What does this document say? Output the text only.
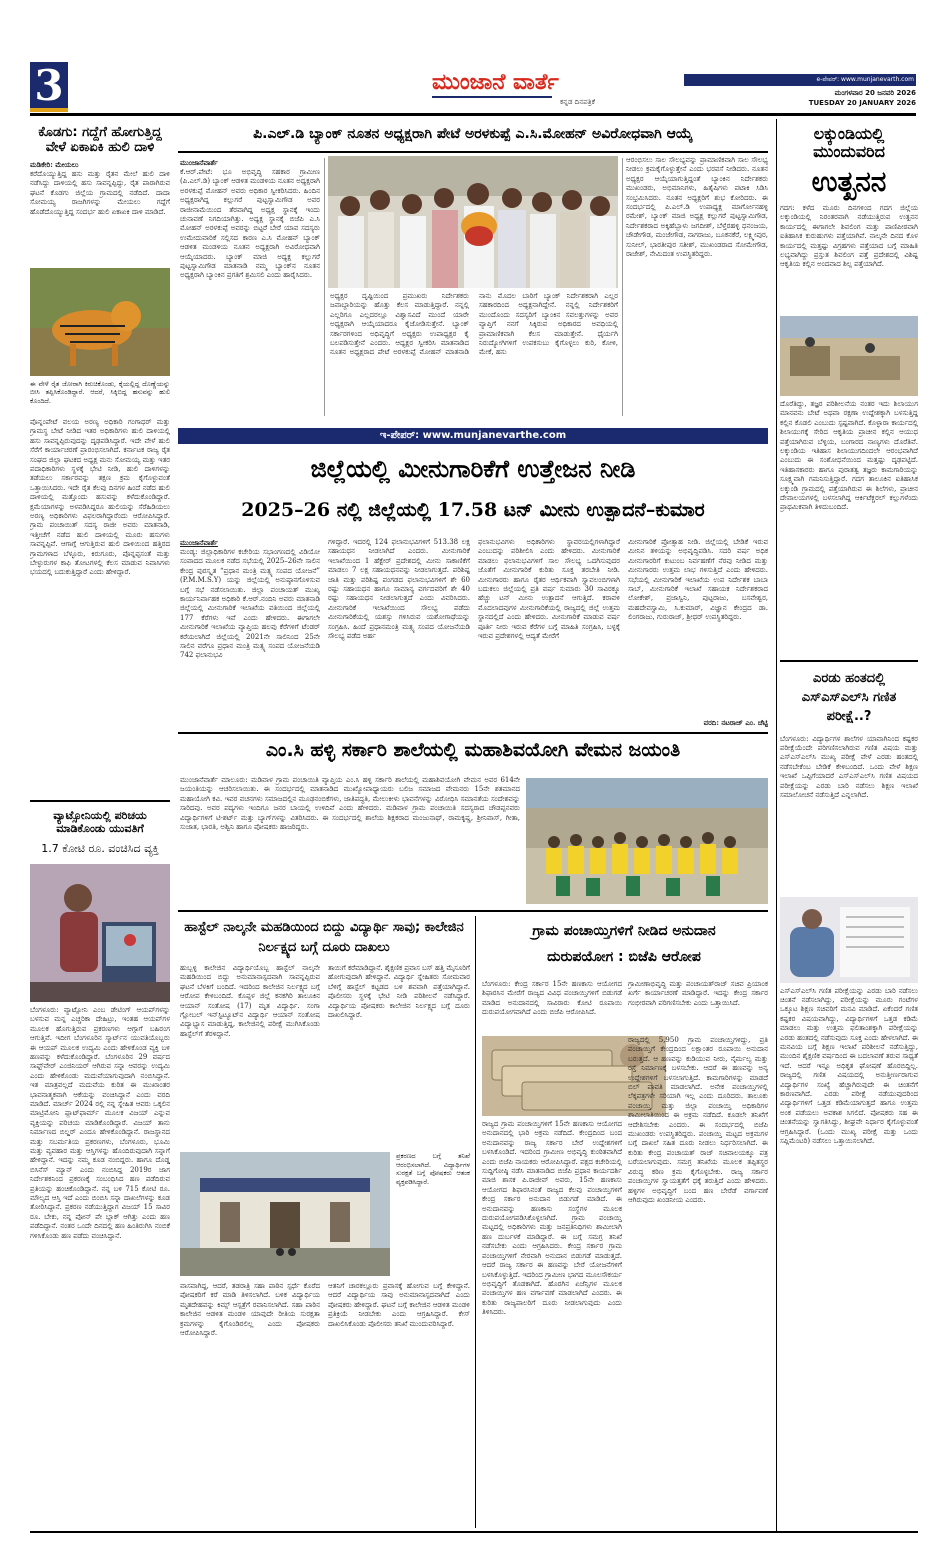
3	ಮುಂಜಾನೆ ವಾರ್ತೆ
ಕನ್ನಡ ದಿನಪತ್ರಿಕೆ
e-ಪೇಪರ್: www.munjanevarth.com
ಮಂಗಳವಾರ 20 ಜನವರಿ 2026
TUESDAY 20 JANUARY 2026
ಕೊಡಗು: ಗದ್ದೆಗೆ ಹೋಗುತ್ತಿದ್ದ ವೇಳೆ ಏಕಾಏಕಿ ಹುಲಿ ದಾಳಿ
ಮಡಿಕೇರಿ: ಮೇಯಲು
ಕರೆದೊಯ್ಯುತ್ತಿದ್ದ ಹಸು ಮತ್ತು ರೈತನ ಮೇಲೆ ಹುಲಿ ದಾಳಿ ನಡೆಸಿದ್ದು ದಾಳಿಯಲ್ಲಿ ಹಸು ಸಾವನ್ನಪ್ಪಿದ್ದು, ರೈತ ಪಾರಾಗಿರುವ ಘಟನೆ ಕೊಡಗು ಜಿಲ್ಲೆಯ ಗ್ರಾಮದಲ್ಲಿ ನಡೆದಿದೆ. ದಾದಾ ಸೋಮಯ್ಯ ರಾಜಗಿಗಳನ್ನು ಮೇಯಲು ಗದ್ದೆಗೆ ಹೊಡೆದೊಯ್ಯುತ್ತಿದ್ದ ಸಂದರ್ಭ ಹುಲಿ ಏಕಾಏಕಿ ದಾಳಿ ಮಾಡಿದೆ.
ಈ ವೇಳೆ ರೈತ ಜೋರಾಗಿ ಕಿರುಚಿಕೊಂಡು, ಕೈಯಲ್ಲಿದ್ದ ದೊಣ್ಣೆಯನ್ನು ಬೀಸಿ ತಪ್ಪಿಸಿಕೊಂಡಿದ್ದಾರೆ. ಆದರೆ, ಸಿಕ್ಕಿಬಿದ್ದ ಹಸುವನ್ನು ಹುಲಿ ಕೊಂದಿದೆ.
ಪೊನ್ನಂಪೇಟೆ ವಲಯ ಅರಣ್ಯ ಅಧಿಕಾರಿ ಗಂಗಾಧರ್ ಮತ್ತು ಗ್ರಾಮಸ್ಥ ಬೇಟೆ ನೀಡಿದ ಇತರ ಅಧಿಕಾರಿಗಳು ಹುಲಿ ದಾಳಿಯಲ್ಲಿ ಹಸು ಸಾವನ್ನಪ್ಪಿರುವುದನ್ನು ದೃಢಪಡಿಸಿದ್ದಾರೆ. ಇದೇ ವೇಳೆ ಹುಲಿ ಸೆರೆಗೆ ಕಾರ್ಯಾಚರಣೆ ಪ್ರಾರಂಭಿಸಲಾಗಿದೆ. ಕರ್ನಾಟಕ ರಾಜ್ಯ ರೈತ ಸಂಘದ ಜಿಲ್ಲಾ ಘಟಕದ ಅಧ್ಯಕ್ಷ ಮನು ಸೋಮಯ್ಯ ಮತ್ತು ಇತರ ಪದಾಧಿಕಾರಿಗಳು ಸ್ಥಳಕ್ಕೆ ಭೇಟಿ ನೀಡಿ, ಹುಲಿ ದಾಳಿಗಳನ್ನು ತಡೆಯಲು ಸರ್ಕಾರವನ್ನು ತಕ್ಷಣ ಕ್ರಮ ಕೈಗೊಳ್ಳುವಂತೆ ಒತ್ತಾಯಿಸಿದರು. ಇದೇ ರೈತ ಕೆಲವು ದಿನಗಳ ಹಿಂದೆ ನಡೆದ ಹುಲಿ ದಾಳಿಯಲ್ಲಿ ಮತ್ತೊಂದು ಹಸುವನ್ನು ಕಳೆದುಕೊಂಡಿದ್ದಾರೆ. ಕ್ಷಮೆಯಾಗಳನ್ನು ಅಳವಡಿಸಿದ್ದರೂ ಹುಲಿಯನ್ನು ಸೆರೆಹಿಡಿಯಲು ಅರಣ್ಯ ಅಧಿಕಾರಿಗಳು ವಿಫಲರಾಗಿದ್ದಾರೆಂದು ಆರೋಪಿಸಿದ್ದಾರೆ. ಗ್ರಾಮ ಪಂಚಾಯಿತ್ ಸದಸ್ಯ ರಾಜೀ ಅವರು ಮಾತನಾಡಿ, ಇತ್ತೀಚೆಗೆ ನಡೆದ ಹುಲಿ ದಾಳಿಯಲ್ಲಿ ಮೂರು ಹಸುಗಳು ಸಾವನ್ನಪ್ಪಿವೆ. ಆಗಾಗ್ಗೆ ಆಗುತ್ತಿರುವ ಹುಲಿ ದಾಳಿಯಿಂದ ಹತ್ತಿರದ ಗ್ರಾಮಗಳಾದ ಬೆಳ್ಳೂರು, ಕಿರುಗೂರು, ಪೊನ್ನಪ್ಪಸಂತೆ ಮತ್ತು ಬೇಳ್ಳುರುಗಳ ಕಾಫಿ ತೋಟಗಳಲ್ಲಿ ಕೆಲಸ ಮಾಡುವ ನಿವಾಸಿಗಳು ಭಯದಲ್ಲಿ ಬದುಕುತ್ತಿದ್ದಾರೆ ಎಂದು ಹೇಳಿದ್ದಾರೆ.
ವ್ಯಾಟ್ಸೋನಿಯಲ್ಲಿ ಪರಿಚಯ ಮಾಡಿಕೊಂಡು ಯುವತಿಗೆ
1.7 ಕೋಟಿ ರೂ. ವಂಚಿಸಿದ ವ್ಯಕ್ತಿ
ಬೆಂಗಳೂರು: ವ್ಯಾಟ್ಸೋನಿ ಎಂಬ ಡೇಟಿಂಗ್ ಆಯಪ್‌ಗಳನ್ನು ಬಳಸುವ ಮನ್ನ ಎಚ್ಚರಿಕಾ ದೇಹಿಟ್ರು, ಇಂತಹ ಆಯಪ್‌ಗಳ ಮೂಲಕ ಹೊಗುತ್ತಿರುವ ಪ್ರಕರಣಗಳು ಆಗ್ಗಾಗೆ ಬಹಿರಂಗ ಆಗುತ್ತಿವೆ. ಇದೀಗ ಬೆಂಗಳೂರಿನ ಸ್ಮಾರ್ಟ್‌ನ ಯುವತಿಯೊಬ್ಬರು ಈ ಆಯಪ್ ಮೂಲಕ ಉದ್ಯಮಿ ಎಂದು ಹೇಳಿಕೊಂಡ ವ್ಯಕ್ತಿ ಬಳಿ ಹಣವನ್ನು ಕಳೆದುಕೊಂಡಿದ್ದಾರೆ. ಬೆಂಗಳೂರಿನ 29 ವರ್ಷದ ಸಾಫ್ಟ್‌ವೇರ್ ಎಂಜಿನಿಯರ್ ಆಗಿರುವ ಸನ್ನಾ ಆವರನ್ನು ಉದ್ಯಮಿ ಎಂದು ಹೇಳಿಕೊಂಡು ಮದುವೆಯಾಗುವುದಾಗಿ ನಂಬಿಸಿದ್ದಾನೆ. ಇತ ಮಾತ್ರವಲ್ಲದೆ ಮದುವೆಯ ಕುರಿತ ಈ ಮುಖಾಂತರ ಭಾವನಾತ್ಮಕವಾಗಿ ಆಕೆಯನ್ನು ವಂಚಿಸಿದ್ದಾನೆ ಎಂದು ವರದಿ ಮಾಡಿದೆ. ಮಾರ್ಚ್ 2024 ರಲ್ಲಿ ನನ್ನ ಸ್ನೇಹಿತ ಆವರು ಒಕ್ಕಲಿನ ಮಾಟ್ರಿಮೋನಿ ಪ್ಲಾಟ್‌ಫಾರ್ಮ್ ಮೂಲಕ ವಿಜಯ್ ಎನ್ನುವ ವ್ಯಕ್ತಿಯನ್ನು ಪರಿಚಯ ಮಾಡಿಕೊಂಡಿದ್ದಾರೆ. ವಿಜಯ್ ತಾನು ನಿರ್ಮಾಣದ ಬಿಲ್ಡರ್ ಎಂದೂ ಹೇಳಿಕೊಂಡಿದ್ದಾನೆ. ರಾಜಸ್ಥಾನದ ಮತ್ತು ಸಬರ್ಮತಿಯ ಪ್ರಕರಣಗಳು, ಬೆಂಗಳೂರು, ಭೂಮಿ ಮತ್ತು ವ್ಯವಹಾರ ಮತ್ತು ಆಸ್ತಿಗಳನ್ನು ಹೊಂದಿರುವುದಾಗಿ ಸನ್ನಾಗೆ ಹೇಳಿದ್ದಾನೆ. ಇದನ್ನು ನಮ್ಮ ಕೂಡ ನಂಬಿದ್ದರು. ಹಾಗೂ ದೊಡ್ಡ ಬಿಸಿನೆಸ್ ಮ್ಯಾನ್ ಎಂದು ನಂಬಿಸಿದ್ದ 2019ರ ಜಾಗ ನಿರ್ದೇಶಕನಿಂದ ಪ್ರಕರಣಕ್ಕೆ ಸಂಬಂಧಿಸಿದ ಹಣ ಪಡೆದಿರುವ ಪ್ರತಿಯನ್ನು ಹಂಚಿಕೊಂಡಿದ್ದಾನೆ. ನನ್ನ ಬಳಿ 715 ಕೋಟಿ ರೂ. ಮೌಲ್ಯದ ಆಸ್ತಿ ಇದೆ ಎಂದು ಬಿಂಬಿಸಿ ಸನ್ನಾ ದಾಖಲೆಗಳನ್ನು ಕೂಡ ತೋರಿಸಿದ್ದಾನೆ. ಪ್ರಕರಣ ನಡೆಯುತ್ತಿದ್ದಾಗ ವಿಜಯ್ 15 ಸಾವಿರ ರೂ. ಬೇಕು, ನನ್ನ ಪೋನ್ ಪೇ ಬ್ಲಾಕ್ ಆಗಿತ್ತು ಎಂದು ಹಣ ಪಡೆದಿದ್ದಾನೆ. ನಂತರ ಒಂದೇ ದಿನದಲ್ಲಿ ಹಣ ಹಿಂತಿರುಗಿಸಿ ನಂಬಿಕೆ ಗಳಿಸಿಕೊಂಡು ಹಣ ಪಡೆದು ವಂಚಿಸಿದ್ದಾನೆ.
ಪಿ.ಎಲ್.ಡಿ ಬ್ಯಾಂಕ್ ನೂತನ ಅಧ್ಯಕ್ಷರಾಗಿ ಪೇಟೆ ಅರಳಕುಪ್ಪೆ ಎ.ಸಿ.ಮೋಹನ್ ಅವಿರೋಧವಾಗಿ ಆಯ್ಕೆ
ಮುಂಜಾನೆವಾರ್ತೆ
ಕೆ.ಆರ್.ಪೇಟೆ: ಭೂ ಅಭಿವೃದ್ಧಿ ಸಹಕಾರ ಗ್ರಾಮೀಣ (ಪಿ.ಎಲ್.ಡಿ) ಬ್ಯಾಂಕ್ ಆಡಳಿತ ಮಂಡಳಿಯ ನೂತನ ಅಧ್ಯಕ್ಷರಾಗಿ ಅರಳಕುಪ್ಪೆ ಮೋಹನ್ ಅವರು ಅಧಿಕಾರ ಸ್ವೀಕರಿಸಿದರು. ಹಿಂದಿನ ಅಧ್ಯಕ್ಷರಾಗಿದ್ದ ಕಲ್ಲುಗರೆ ಪುಟ್ಟಸ್ವಾಮಿಗೌಡ ಅವರ ರಾಜೀನಾಮೆಯಿಂದ ತೆರವಾಗಿದ್ದ ಅಧ್ಯಕ್ಷ ಸ್ಥಾನಕ್ಕೆ ಇಂದು ಚುನಾವಣೆ ನಿಗದಿಯಾಗಿತ್ತು. ಅಧ್ಯಕ್ಷ ಸ್ಥಾನಕ್ಕೆ ಬಿಜೆಪಿ ಎ.ಸಿ ಮೋಹನ್ ಅರಳಕುಪ್ಪೆ ಅವರನ್ನು ಬಿಟ್ಟರೆ ಬೇರೆ ಯಾವ ಸದಸ್ಯರು ಉಮೇದುವಾರಿಕೆ ಸಲ್ಲಿಸದ ಕಾರಣ ಎ.ಸಿ ಮೋಹನ್ ಬ್ಯಾಂಕ್ ಆಡಳಿತ ಮಂಡಳಿಯ ನೂತನ ಅಧ್ಯಕ್ಷರಾಗಿ ಅವಿರೋಧವಾಗಿ ಆಯ್ಕೆಯಾದರು. ಬ್ಯಾಂಕ್ ಮಾಜಿ ಅಧ್ಯಕ್ಷ ಕಲ್ಲುಗರೆ ಪುಟ್ಟಸ್ವಾಮಿಗೌಡ ಮಾತನಾಡಿ ನಮ್ಮ ಬ್ಯಾಂಕ್‌ನ ನೂತನ ಅಧ್ಯಕ್ಷರಾಗಿ ಬ್ಯಾಂಕಿನ ಪ್ರಗತಿಗೆ ಶ್ರಮಿಸಲಿ ಎಂದು ಹಾರೈಸಿದರು.
ಅಧ್ಯಕ್ಷರ ದೃಷ್ಟಿಯಿಂದ ಪ್ರಮುಖರು ನಿರ್ದೇಶಕರು ಜವಾಬ್ದಾರಿಯನ್ನು ಹೊತ್ತು ಕೆಲಸ ಮಾಡುತ್ತಿದ್ದಾರೆ. ನನ್ನಲ್ಲಿ ಎಲ್ಲರಿಗೂ ಎಲ್ಲದರಲ್ಲೂ ವಿಶ್ವಾಸವಿದೆ ಮುಂದೆ ಯಾರೇ ಅಧ್ಯಕ್ಷರಾಗಿ ಆಯ್ಕೆಯಾದರೂ ಕೈಜೋಡಿಸುತ್ತೇನೆ. ಬ್ಯಾಂಕ್ ಸರ್ಕಾರಗಳಿಂದ ಅಧಿವೃದ್ಧಿಗೆ ಅಧ್ಯಕ್ಷರು ಉಪಾಧ್ಯಕ್ಷರ ಕೈ ಬಲಪಡಿಸುತ್ತೇನೆ ಎಂದರು. ಆಧ್ಯಕ್ಷರ ಸ್ವೀಕರಿಸಿ ಮಾತನಾಡಿದ ನೂತನ ಅಧ್ಯಕ್ಷರಾದ ಪೇಟೆ ಅರಳಕುಪ್ಪೆ ಮೋಹನ್ ಮಾತನಾಡಿ ನಾನು ಮೊದಲ ಬಾರಿಗೆ ಬ್ಯಾಂಕ್ ನಿರ್ದೇಶಕರಾಗಿ ಎಲ್ಲರ ಸಹಕಾರದಿಂದ ಅಧ್ಯಕ್ಷನಾಗಿದ್ದೇನೆ. ನನ್ನಲ್ಲಿ ನಿರ್ದೇಶಕರಿಗೆ ಮುಂದೊಂದು ಸದಸ್ಯರಿಗೆ ಬ್ಯಾಂಕಿನ ಸವಲತ್ತುಗಳನ್ನು ಅವರ ವ್ಯಾಪ್ತಿಗೆ ನನಗೆ ಸಿಕ್ಕಿರುವ ಅಧಿಕಾರದ ಅವಧಿಯಲ್ಲಿ ಪ್ರಾಮಾಣಿಕವಾಗಿ ಕೆಲಸ ಮಾಡುತ್ತೇನೆ. ಧೈರ್ಯಗಿ ನಿರುದ್ಯೋಗಿಗಳಿಗೆ ಉಪಕಸುಬು ಕೈಗೊಳ್ಳಲು ಕುರಿ, ಕೋಳಿ, ಮೇಕೆ, ಹಸು
ಆರಂಭಿಸಲು ಸಾಲ ಸೌಲಭ್ಯವನ್ನು ಪ್ರಾಮಾಣಿಕವಾಗಿ ಸಾಲ ಸೌಲಭ್ಯ ನೀಡಲು ಕ್ರಮಕೈಗೊಳ್ಳುತ್ತೇನೆ ಎಂದು ಭರವಸೆ ನೀಡಿದರು. ನೂತನ ಅಧ್ಯಕ್ಷರ ಆಯ್ಕೆಯಾಗುತ್ತಿದ್ದಂತೆ ಬ್ಯಾಂಕಿನ ನಿರ್ದೇಶಕರು ಮುಖಂಡರು, ಅಭಿಮಾನಿಗಳು, ಹಿತೈಷಿಗಳು ಪಟಾಕಿ ಸಿಡಿಸಿ ಸಂಭ್ರಮಿಸಿದರು. ನೂತನ ಅಧ್ಯಕ್ಷರಿಗೆ ಶುಭ ಕೋರಿದರು. ಈ ಸಂದರ್ಭದಲ್ಲಿ ಪಿ.ಎಲ್.ಡಿ ಉಪಾಧ್ಯಕ್ಷ ಮಾರ್ಗೋನಹಳ್ಳಿ ರಮೇಶ್, ಬ್ಯಾಂಕ್ ಮಾಜಿ ಅಧ್ಯಕ್ಷ ಕಲ್ಲುಗರೆ ಪುಟ್ಟಸ್ವಾಮಿಗೌಡ, ನಿರ್ದೇಶಕರಾದ ಅಕ್ಕಿಹೆಬ್ಬಾಳು ಜಗದೀಶ್, ಬೆಳ್ತೆರಹಳ್ಳಿ ಧನಂಜಯ, ಚೌಡೇಗೌಡ, ಮಂಜೇಗೌಡ, ನಾಗರಾಜು, ಬೂಕನಕೆರೆ, ಲಕ್ಷ್ಮೀಪುರ, ಸುನೀಲ್, ಭಾರತೀಪುರ ಸತೀಶ್, ಮುಖಂಡರಾದ ಸೋಮೇಗೌಡ, ರಾಜೇಶ್, ನೇಮಿದಂತ ಉಪಸ್ಥಿತರಿದ್ದರು.
ಲಕ್ಕುಂಡಿಯಲ್ಲಿ ಮುಂದುವರಿದ
ಉತ್ಖನನ
ಗದಗ: ಕಳೆದ ಮೂರು ದಿನಗಳಿಂದ ಗದಗ ಜಿಲ್ಲೆಯ ಲಕ್ಕುಂಡಿಯಲ್ಲಿ ನಿರಂತರವಾಗಿ ನಡೆಯುತ್ತಿರುವ ಉತ್ಖನನ ಕಾರ್ಯದಲ್ಲಿ ಈಗಾಗಲೇ ಶಿವಲಿಂಗ ಮತ್ತು ಪಾಣಿಪೀಠವಾಗಿ ಐತಿಹಾಸಿಕ ಕುರುಹುಗಳು ಪತ್ತೆಯಾಗಿವೆ. ನಾಲ್ಕನೇ ದಿನದ ಕೊಳ ಕಾರ್ಯದಲ್ಲಿ ಮತ್ತಷ್ಟು ವಿಗ್ರಹಗಳು ಪತ್ತೆಯಾದ ಬಗ್ಗೆ ಮಾಹಿತಿ ಲಭ್ಯವಾಗಿದ್ದು ಪ್ರಸ್ತುತ ಶಿವಲಿಂಗ ಪತ್ತೆ ಪ್ರದೇಶದಲ್ಲಿ ವಿಶಿಷ್ಟ ಆಕೃತಿಯ ಕಲ್ಲಿನ ಅಂದವಾದ ಶಿಲ್ಪ ಪತ್ತೆಯಾಗಿದೆ.
ದೊರೆತಿದ್ದು, ತಜ್ಞರ ಪರಿಶೀಲನೆಯ ನಂತರ ಇದು ಶಿಲಾಯುಗ ಮಾನವನು ಬೇಟೆ ಅಥವಾ ರಕ್ಷಣಾ ಉದ್ದೇಶಕ್ಕಾಗಿ ಬಳಸುತ್ತಿದ್ದ ಕಲ್ಲಿನ ಕೊಡಲಿ ಎಂಬುದು ಸ್ಪಷ್ಟವಾಗಿದೆ. ಕೊಳ್ಳಾರಾ ಕಾರ್ಯದಲ್ಲಿ ಶಿಲಾಯುಗಕ್ಕೆ ಸೇರಿದ ಆಕೃತಿಯ ಪ್ರಾಚೀನ ಕಲ್ಲಿನ ಆಯುಧ ಪತ್ತೆಯಾಗಿರುವ ಬೆಳ್ಳಿಯ, ಬಂಗಾರದ ನಾಣ್ಯಗಳು ದೊರೆತಿವೆ. ಲಕ್ಕುಂಡಿಯ ಇತಿಹಾಸ ಶಿಲಾಯುಗದಿಂದಲೇ ಆರಂಭವಾಗಿದೆ ಎಂಬುದು ಈ ಸಂಶೋಧನೆಯಿಂದ ಮತ್ತಷ್ಟು ದೃಢಪಟ್ಟಿದೆ. ಇತಿಹಾಸಕಾರರು ಹಾಗೂ ಪುರಾತತ್ವ ತಜ್ಞರು ಕಾಮಗಾರಿಯನ್ನು ಸೂಕ್ಷ್ಮವಾಗಿ ಗಮನಿಸುತ್ತಿದ್ದಾರೆ. ಗದಗ ತಾಲೂಕಿನ ಐತಿಹಾಸಿಕ ಲಕ್ಕುಂಡಿ ಗ್ರಾಮದಲ್ಲಿ ಪತ್ತೆಯಾಗಿರುವ ಈ ಶಿಲೆಗಳು, ಪ್ರಾಚೀನ ದೇವಾಲಯಗಳಲ್ಲಿ ಬಳಸಲಾಗಿದ್ದ ಆರ್ಕಿಟೆಕ್ಚರಲ್ ಕಲ್ಲುಗಳೆಂದು ಪ್ರಾಥಮಿಕವಾಗಿ ತಿಳಿದುಬಂದಿದೆ.
ಎರಡು ಹಂತದಲ್ಲಿ ಎಸ್ಎಸ್ಎಲ್‌ಸಿ ಗಣಿತ ಪರೀಕ್ಷೆ..?
ಬೆಂಗಳೂರು: ವಿದ್ಯಾರ್ಥಿಗಳ ಶಾಲೆಗಳ ಯಾವಾಗಿನಿಂದ ಕಷ್ಟಕರ ಪರೀಕ್ಷೆಯೆಂದೇ ಪರಿಗಣಿಸಲಾಗಿರುವ ಗಣಿತ ವಿಷಯ ಮತ್ತು ಎಸ್ಎಸ್ಎಲ್‌ಸಿ ಮುಖ್ಯ ಪರೀಕ್ಷೆ ವೇಳೆ ಎರಡು ಹಂತದಲ್ಲಿ ನಡೆಸಬೇಕೆಂಬ ಬೇಡಿಕೆ ಕೇಳಿಬಂದಿದೆ. ಒಂದು ವೇಳೆ ಶಿಕ್ಷಣ ಇಲಾಖೆ ಒಪ್ಪಿಗೆಯಾದರೆ ಎಸ್ಎಸ್ಎಲ್‌ಸಿ ಗಣಿತ ವಿಷಯದ ಪರೀಕ್ಷೆಯನ್ನು ಎರಡು ಬಾರಿ ನಡೆಸಲು ಶಿಕ್ಷಣ ಇಲಾಖೆ ಸಮಾಲೋಚನೆ ನಡೆಸುತ್ತಿದೆ ಎನ್ನಲಾಗಿದೆ.
ಎಸ್ಎಸ್ಎಲ್‌ಸಿ ಗಣಿತ ಪರೀಕ್ಷೆಯನ್ನು ಎರಡು ಬಾರಿ ನಡೆಸಲು ಚಿಂತನೆ ನಡೆಸಲಾಗಿದ್ದು, ಪರೀಕ್ಷೆಯನ್ನು ಮೂರು ಗಂಟೆಗಳ ಒಕ್ಕೂಟ ಶಿಕ್ಷಣ ಸಚಿವರಿಗೆ ಮನವಿ ಮಾಡಿದೆ. ಏಕೆಂದರೆ ಗಣಿತ ಕಷ್ಟಕರ ವಿಷಯವಾಗಿದ್ದು, ವಿದ್ಯಾರ್ಥಿಗಳಿಗೆ ಒತ್ತಡ ಕಡಿಮೆ ಮಾಡಲು ಮತ್ತು ಉತ್ತಮ ಫಲಿತಾಂಶಕ್ಕಾಗಿ ಪರೀಕ್ಷೆಯನ್ನು ಎರಡು ಹಂತದಲ್ಲಿ ನಡೆಸುವುದು ಸೂಕ್ತ ಎಂದು ಹೇಳಲಾಗಿದೆ. ಈ ಮನವಿಯ ಬಗ್ಗೆ ಶಿಕ್ಷಣ ಇಲಾಖೆ ಪರಿಶೀಲನೆ ನಡೆಸುತ್ತಿದ್ದು, ಮುಂದಿನ ಶೈಕ್ಷಣಿಕ ವರ್ಷದಿಂದ ಈ ಬದಲಾವಣೆ ತರುವ ಸಾಧ್ಯತೆ ಇದೆ. ಆದರೆ ಇನ್ನೂ ಅಧಿಕೃತ ಘೋಷಣೆ ಹೊರಬಿದ್ದಿಲ್ಲ. ರಾಜ್ಯದಲ್ಲಿ ಗಣಿತ ವಿಷಯದಲ್ಲಿ ಅನುತ್ತೀರ್ಣರಾಗುವ ವಿದ್ಯಾರ್ಥಿಗಳ ಸಂಖ್ಯೆ ಹೆಚ್ಚಾಗಿರುವುದೇ ಈ ಚಿಂತನೆಗೆ ಕಾರಣವಾಗಿದೆ. ಎರಡು ಪರೀಕ್ಷೆ ನಡೆಯುವುದರಿಂದ ವಿದ್ಯಾರ್ಥಿಗಳಿಗೆ ಒತ್ತಡ ಕಡಿಮೆಯಾಗುತ್ತದೆ ಹಾಗೂ ಉತ್ತಮ ಅಂಕ ಪಡೆಯಲು ಅವಕಾಶ ಸಿಗಲಿದೆ. ಪೋಷಕರು ಸಹ ಈ ಚಿಂತನೆಯನ್ನು ಸ್ವಾಗತಿಸಿದ್ದು, ಶೀಘ್ರವೇ ನಿರ್ಧಾರ ಕೈಗೊಳ್ಳುವಂತೆ ಆಗ್ರಹಿಸಿದ್ದಾರೆ. (ಒಂದು ಮುಖ್ಯ ಪರೀಕ್ಷೆ ಮತ್ತು ಒಂದು ಸಪ್ಲಿಮೆಂಟರಿ) ನಡೆಸಲು ಒತ್ತಾಯಿಸಲಾಗಿದೆ.
ಇ-ಪೇಪರ್: www.munjanevarthe.com
ಜಿಲ್ಲೆಯಲ್ಲಿ ಮೀನುಗಾರಿಕೆಗೆ ಉತ್ತೇಜನ ನೀಡಿ
2025–26 ನಲ್ಲಿ ಜಿಲ್ಲೆಯಲ್ಲಿ 17.58 ಟನ್ ಮೀನು ಉತ್ಪಾದನೆ–ಕುಮಾರ
ಮುಂಜಾನೆವಾರ್ತೆ
ಮಂಡ್ಯ: ಜಿಲ್ಲಾಧಿಕಾರಿಗಳ ಕಚೇರಿಯ ಸಭಾಂಗಣದಲ್ಲಿ ವಿಡಿಯೋ ಸಂವಾದದ ಮೂಲಕ ನಡೆದ ಸಭೆಯಲ್ಲಿ 2025–26ನೇ ಸಾಲಿನ ಕೇಂದ್ರ ಪುರಸ್ಕೃತ “ಪ್ರಧಾನ ಮಂತ್ರಿ ಮತ್ಸ್ಯ ಸಂಪದ ಯೋಜನೆ” (P.M.M.S.Y) ಯನ್ನು ಜಿಲ್ಲೆಯಲ್ಲಿ ಅನುಷ್ಠಾನಗೊಳಿಸುವ ಬಗ್ಗೆ ಸಭೆ ನಡೆಸಲಾಯಿತು. ಜಿಲ್ಲಾ ಪಂಚಾಯತ್ ಮುಖ್ಯ ಕಾರ್ಯನಿರ್ವಾಹಕ ಅಧಿಕಾರಿ ಕೆ.ಆರ್.ನಂದಿನಿ ಅವರು ಮಾತನಾಡಿ ಜಿಲ್ಲೆಯಲ್ಲಿ ಮೀನುಗಾರಿಕೆ ಇಲಾಖೆಯ ವತಿಯಿಂದ ಜಿಲ್ಲೆಯಲ್ಲಿ 177 ಕೆರೆಗಳು ಇವೆ ಎಂದು ಹೇಳಿದರು. ಈಗಾಗಲೇ ಮೀನುಗಾರಿಕೆ ಇಲಾಖೆಯ ವ್ಯಾಪ್ತಿಯ ಹಲವು ಕೆರೆಗಳಿಗೆ ಟೆಂಡರ್ ಕರೆಯಲಾಗಿದೆ ಜಿಲ್ಲೆಯಲ್ಲಿ 2021ನೇ ಸಾಲಿನಿಂದ 25ನೇ ಸಾಲಿನ ವರೆಗೂ ಪ್ರಧಾನ ಮಂತ್ರಿ ಮತ್ಸ್ಯ ಸಂಪದ ಯೋಜನೆಯಡಿ 742 ಫಲಾನುಭವಿ
ಗಳಿದ್ದಾರೆ. ಇದರಲ್ಲಿ 124 ಫಲಾನುಭವಿಗಳಿಗೆ 513.38 ಲಕ್ಷ ಸಹಾಯಧನ ನೀಡಲಾಗಿದೆ ಎಂದರು. ಮೀನುಗಾರಿಕೆ ಇಲಾಖೆಯಿಂದ 1 ಹೆಕ್ಟೇರ್ ಪ್ರದೇಶದಲ್ಲಿ ಮೀನು ಸಾಕಾಣಿಕೆಗೆ ಮಾಡಲು 7 ಲಕ್ಷ ಸಹಾಯಧನವನ್ನು ನೀಡಲಾಗುತ್ತದೆ. ಪರಿಶಿಷ್ಟ ಜಾತಿ ಮತ್ತು ಪರಿಶಿಷ್ಟ ಪಂಗಡದ ಫಲಾನುಭವಿಗಳಿಗೆ ಶೇ 60 ರಷ್ಟು ಸಹಾಯಧನ ಹಾಗೂ ಸಾಮಾನ್ಯ ವರ್ಗದವರಿಗೆ ಶೇ 40 ರಷ್ಟು ಸಹಾಯಧನ ನೀಡಲಾಗುತ್ತದೆ ಎಂದು ವಿವರಿಸಿದರು. ಮೀನುಗಾರಿಕೆ ಇಲಾಖೆಯಿಂದ ಸೌಲಭ್ಯ ಪಡೆದು ಮೀನುಗಾರಿಕೆಯಲ್ಲಿ ಯಶಸ್ಸು ಗಳಿಸಿರುವ ಯಶೋಗಾಥೆಯನ್ನು ಸಂಗ್ರಹಿಸಿ. ಹಿಂದೆ ಪ್ರಧಾನಮಂತ್ರಿ ಮತ್ಸ್ಯ ಸಂಪದ ಯೋಜನೆಯಡಿ ಸೌಲಭ್ಯ ಪಡೆದ ಅರ್ಹ
ಫಲಾನುಭವಿಗಳು ಅಧಿಕಾರಿಗಳು ಸ್ಥಾವರಯಲ್ಲಿಗಳಾಗಿದ್ದಾರೆ ಎಂಬುದನ್ನು ಪರಿಶೀಲಿಸಿ ಎಂದು ಹೇಳಿದರು. ಮೀನುಗಾರಿಕೆ ಮಾಡಲು ಫಲಾನುಭವಿಗಳಿಗೆ ಸಾಲ ಸೌಲಭ್ಯ ಒದಗಿಸುವುದರ ಜೊತೆಗೆ ಮೀನುಗಾರಿಕೆ ಕುರಿತು ಸೂಕ್ತ ತರಬೇತಿ ನೀಡಿ. ಮೀನುಗಾರರು ಹಾಗೂ ರೈತರ ಆರ್ಥಿಕವಾಗಿ ಸ್ವಾವಲಂಬಿಗಳಾಗಿ ಬದುಕಲು ಜಿಲ್ಲೆಯಲ್ಲಿ ಪ್ರತಿ ವರ್ಷ ಸುಮಾರು 30 ಸಾವಿರಕ್ಕೂ ಹೆಚ್ಚು ಟನ್ ಮೀನು ಉತ್ಪಾದನೆ ಆಗುತ್ತಿದೆ. ಕರಾವಳಿ ಮೊದಲಾದವುಗಳ ಮೀನುಗಾರಿಕೆಯಲ್ಲಿ ರಾಜ್ಯದಲ್ಲಿ ಜಿಲ್ಲೆ ಉತ್ತಮ ಸ್ಥಾನದಲ್ಲಿದೆ ಎಂದು ಹೇಳಿದರು. ಮೀನುಗಾರಿಕೆ ಮಾಡುವ ವರ್ಷ ಪೂರ್ತಿ ನೀರು ಇರುವ ಕೆರೆಗಳ ಬಗ್ಗೆ ಮಾಹಿತಿ ಸಂಗ್ರಹಿಸಿ, ಬಳ್ಳಕ್ಕೆ ಇರುವ ಪ್ರದೇಶಗಳಲ್ಲಿ ಆದ್ಯತೆ ಮೇರೆಗೆ
ಮೀನುಗಾರಿಕೆ ಪ್ರೋತ್ಸಾಹ ನೀಡಿ. ಜಿಲ್ಲೆಯಲ್ಲಿ ಬೇಡಿಕೆ ಇರುವ ಮೀನಿನ ತಳಿಯನ್ನು ಅಭಿವೃದ್ಧಿಪಡಿಸಿ. ಸದರಿ ವರ್ಷ ಅಧಿಕ ಮೀನುಗಾರರಿಗೆ ಕುಟುಂಬ ನಿರ್ವಹಣೆಗೆ ನೆರವು ನೀಡಿದ ಮತ್ತು ಮೀನುಗಾರರು ಉತ್ತಮ ಲಾಭ ಗಳಿಸುತ್ತಿದೆ ಎಂದು ಹೇಳಿದರು. ಸಭೆಯಲ್ಲಿ ಮೀನುಗಾರಿಕೆ ಇಲಾಖೆಯ ಉಪ ನಿರ್ದೇಶಕ ಬಾಬಾ ಸಾಬ್, ಮೀನುಗಾರಿಕೆ ಇಲಾಖೆ ಸಹಾಯಕ ನಿರ್ದೇಶಕರಾದ ಲೋಕೇಶ್, ಪ್ರಜಾಸ್ವಿನಿ, ಪುಟ್ಟರಾಜು, ಬಸವೇಶ್ವರ, ಮಹದೇವಸ್ವಾಮಿ, ಸಿ.ಕುಮಾರ್, ವಿಜ್ಞಾನ ಕೇಂದ್ರದ ಡಾ. ಲಿಂಗರಾಜು, ಗುರುರಾಜ್, ಶ್ರೀಧರ್ ಉಪಸ್ಥಿತರಿದ್ದರು.
ವರದಿ: ನಟರಾಜ್ ಎಂ. ಚೆಟ್ಟಿ
ಎಂ.ಸಿ ಹಳ್ಳಿ ಸರ್ಕಾರಿ ಶಾಲೆಯಲ್ಲಿ ಮಹಾಶಿವಯೋಗಿ ವೇಮನ ಜಯಂತಿ
ಮುಂಜಾನೆವಾರ್ತೆ ಮಾಲೂರು: ಮಡಿವಾಳ ಗ್ರಾಮ ಪಂಚಾಯಿತಿ ವ್ಯಾಪ್ತಿಯ ಎಂ.ಸಿ ಹಳ್ಳಿ ಸರ್ಕಾರಿ ಶಾಲೆಯಲ್ಲಿ ಮಹಾಶಿವಯೋಗಿ ವೇಮನ ಅವರ 614ನೇ ಜಯಂತಿಯನ್ನು ಆಚರಿಸಲಾಯಿತು. ಈ ಸಂದರ್ಭದಲ್ಲಿ ಮಾತನಾಡಿದ ಮುಖ್ಯೋಪಾಧ್ಯಾಯರು ಬಲಿಜ ಸಮಾಜದ ವೇಮನರು 15ನೇ ಶತಮಾನದ ಮಹಾಯೋಗಿ ಕವಿ. ಇವರ ವಚನಗಳು ಸಮಾಜದಲ್ಲಿನ ಮೂಢನಂಬಿಕೆಗಳು, ಜಾತಿಪದ್ಧತಿ, ಮೇಲುಕೀಳು ಭಾವನೆಗಳನ್ನು ವಿರೋಧಿಸಿ ಸಮಾನತೆಯ ಸಂದೇಶವನ್ನು ಸಾರಿದವು. ಅವರ ಪದ್ಯಗಳು ಇಂದಿಗೂ ಜನರ ಬಾಯಲ್ಲಿ ಉಳಿದಿವೆ ಎಂದು ಹೇಳಿದರು. ಮಡಿವಾಳ ಗ್ರಾಮ ಪಂಚಾಯಿತಿ ಸದಸ್ಯರಾದ ಚೌಡಪ್ಪನವರು ವಿದ್ಯಾರ್ಥಿಗಳಿಗೆ ಟಿ-ಶರ್ಟ್ ಮತ್ತು ಬ್ಯಾಗ್‌ಗಳನ್ನು ವಿತರಿಸಿದರು. ಈ ಸಂದರ್ಭದಲ್ಲಿ ಶಾಲೆಯ ಶಿಕ್ಷಕರಾದ ಮಂಜುನಾಥ್, ರಾಮಕೃಷ್ಣ, ಶ್ರೀನಿವಾಸ್, ಗೀತಾ, ಸುಜಾತ, ಭಾರತಿ, ಅಶ್ವಿನಿ ಹಾಗೂ ಪೋಷಕರು ಹಾಜರಿದ್ದರು.
ಹಾಸ್ಟೆಲ್ ನಾಲ್ಕನೇ ಮಹಡಿಯಿಂದ ಬಿದ್ದು ವಿದ್ಯಾರ್ಥಿ ಸಾವು; ಕಾಲೇಜಿನ ನಿರ್ಲಕ್ಷ್ಯದ ಬಗ್ಗೆ ದೂರು ದಾಖಲು
ಹುಬ್ಬಳ್ಳಿ ಕಾಲೇಜಿನ ವಿದ್ಯಾರ್ಥಿಯೊಬ್ಬ ಹಾಸ್ಟೆಲ್ ನಾಲ್ಕನೇ ಮಹಡಿಯಿಂದ ಬಿದ್ದು ಅನುಮಾನಾಸ್ಪದವಾಗಿ ಸಾವನ್ನಪ್ಪಿರುವ ಘಟನೆ ಬೆಳಕಿಗೆ ಬಂದಿದೆ. ಇದರಿಂದ ಕಾಲೇಜಿನ ನಿರ್ಲಕ್ಷ್ಯದ ಬಗ್ಗೆ ಆರೋಪ ಕೇಳಿಬಂದಿದೆ. ಕೊಪ್ಪಳ ಜಿಲ್ಲೆ ಕನಕಗಿರಿ ತಾಲೂಕಿನ ಆಯಾನ್ ಸಂತೋಷ (17) ಮೃತ ವಿದ್ಯಾರ್ಥಿ. ಸಂಗಾ ಗ್ಲೋಬಲ್ ಇನ್‌ಸ್ಟಿಟ್ಯೂಟ್‌ನ ವಿದ್ಯಾರ್ಥಿ ಆಯಾನ್ ಸಂತೋಷ ವಿದ್ಯಾಭ್ಯಾಸ ಮಾಡುತ್ತಿದ್ದ, ಕಾಲೇಜಿನಲ್ಲಿ ಪರೀಕ್ಷೆ ಮುಗಿಸಿಕೊಂಡು ಹಾಸ್ಟೆಲ್‌ಗೆ ತೆರಳಿದ್ದಾನೆ.
ತಾಯಿಗೆ ಕರೆಮಾಡಿದ್ದಾನೆ. ಶೈಕ್ಷಣಿಕ ಪ್ರವಾಸ ಬಸ್ ಹತ್ತಿ ಮೈಸೂರಿಗೆ ಹೋಗುವುದಾಗಿ ಹೇಳಿದ್ದಾನೆ. ವಿದ್ಯಾರ್ಥಿ ಸ್ನೇಹಿತರು ಸೋಮವಾರ ಬೆಳಿಗ್ಗೆ ಹಾಸ್ಟೆಲ್ ಕಟ್ಟಡದ ಬಳಿ ಶವವಾಗಿ ಪತ್ತೆಯಾಗಿದ್ದಾನೆ. ಪೊಲೀಸರು ಸ್ಥಳಕ್ಕೆ ಭೇಟಿ ನೀಡಿ ಪರಿಶೀಲನೆ ನಡೆಸಿದ್ದಾರೆ. ವಿದ್ಯಾರ್ಥಿಯ ಪೋಷಕರು ಕಾಲೇಜಿನ ನಿರ್ಲಕ್ಷ್ಯದ ಬಗ್ಗೆ ದೂರು ದಾಖಲಿಸಿದ್ದಾರೆ.
ಪ್ರಕರಣದ ಬಗ್ಗೆ ತನಿಖೆ ಆರಂಭಿಸಲಾಗಿದೆ. ವಿದ್ಯಾರ್ಥಿಗಳ ಸುರಕ್ಷತೆ ಬಗ್ಗೆ ಪೋಷಕರು ಆತಂಕ ವ್ಯಕ್ತಪಡಿಸಿದ್ದಾರೆ.
ವಾಸವಾಗಿದ್ದ, ಆದರೆ, ತಡರಾತ್ರಿ ಸಹಾ ಪಾಠಿನ ಸ್ಪರ್ಧೆ ಕೊರೆದ ಪೋಷಕರಿಗೆ ಕರೆ ಮಾಡಿ ತಿಳಿಸಲಾಗಿದೆ. ಬಳಿಕ ವಿದ್ಯಾರ್ಥಿಯ ಮೃತದೇಹವನ್ನು ಕಿಮ್ಸ್ ಆಸ್ಪತ್ರೆಗೆ ರವಾನಿಸಲಾಗಿದೆ. ಸಹಾ ಪಾಠಿನ ಕಾಲೇಜಿನ ಆಡಳಿತ ಮಂಡಳಿ ಯಾವುದೇ ರೀತಿಯ ಸುರಕ್ಷತಾ ಕ್ರಮಗಳನ್ನು ಕೈಗೊಂಡಿರಲಿಲ್ಲ ಎಂದು ಪೋಷಕರು ಆರೋಪಿಸಿದ್ದಾರೆ.
ಆತನಿಗೆ ಚಾರಕಲ್ಲೂರು ಪ್ರವಾಸಕ್ಕೆ ಹೋಗುವ ಬಗ್ಗೆ ಕೇಳಿದ್ದಾನೆ. ಆದರೆ ವಿದ್ಯಾರ್ಥಿಯ ಸಾವು ಅನುಮಾನಾಸ್ಪದವಾಗಿದೆ ಎಂದು ಪೋಷಕರು ಹೇಳಿದ್ದಾರೆ. ಘಟನೆ ಬಗ್ಗೆ ಕಾಲೇಜಿನ ಆಡಳಿತ ಮಂಡಳಿ ಪ್ರತಿಕ್ರಿಯೆ ನೀಡಬೇಕು ಎಂದು ಆಗ್ರಹಿಸಿದ್ದಾರೆ. ಕೇಸ್ ದಾಖಲಿಸಿಕೊಂಡು ಪೊಲೀಸರು ತನಿಖೆ ಮುಂದುವರಿಸಿದ್ದಾರೆ.
ಗ್ರಾಮ ಪಂಚಾಯ್ತಿಗಳಿಗೆ ನೀಡಿದ ಅನುದಾನ
ದುರುಪಯೋಗ : ಬಿಜೆಪಿ ಆರೋಪ
ಬೆಂಗಳೂರು: ಕೇಂದ್ರ ಸರ್ಕಾರ 15ನೇ ಹಣಕಾಸು ಆಯೋಗದ ಶಿಫಾರಸಿನ ಮೇರೆಗೆ ರಾಜ್ಯದ ವಿವಿಧ ಪಂಚಾಯ್ತಿಗಳಿಗೆ ಬಿಡುಗಡೆ ಮಾಡಿದ ಅನುದಾನದಲ್ಲಿ ಸಾವಿರಾರು ಕೋಟಿ ರೂಪಾಯಿ ದುರುಪಯೋಗವಾಗಿದೆ ಎಂದು ಬಿಜೆಪಿ ಆರೋಪಿಸಿದೆ.
ಗ್ರಾಮೀಣಾಭಿವೃದ್ಧಿ ಮತ್ತು ಪಂಚಾಯತ್‌ರಾಜ್ ಸಚಿವ ಪ್ರಿಯಾಂಕ ಖರ್ಗೆ ಕಾರ್ಯಾಚರಣೆ ಮಾಡಿದ್ದಾರೆ. ಇದನ್ನು ಕೇಂದ್ರ ಸರ್ಕಾರ ಗಂಭೀರವಾಗಿ ಪರಿಗಣಿಸಬೇಕು ಎಂದು ಒತ್ತಾಯಿಸಿದೆ.
ರಾಜ್ಯದ ಗ್ರಾಮ ಪಂಚಾಯ್ತಿಗಳಿಗೆ 15ನೇ ಹಣಕಾಸು ಆಯೋಗದ ಅನುದಾನದಲ್ಲಿ ಭಾರಿ ಅಕ್ರಮ ನಡೆದಿದೆ. ಕೇಂದ್ರದಿಂದ ಬಂದ ಅನುದಾನವನ್ನು ರಾಜ್ಯ ಸರ್ಕಾರ ಬೇರೆ ಉದ್ದೇಶಗಳಿಗೆ ಬಳಸಿಕೊಂಡಿದೆ. ಇದರಿಂದ ಗ್ರಾಮೀಣ ಅಭಿವೃದ್ಧಿ ಕುಂಠಿತವಾಗಿದೆ ಎಂದು ಬಿಜೆಪಿ ನಾಯಕರು ಆರೋಪಿಸಿದ್ದಾರೆ. ಪಕ್ಷದ ಕಚೇರಿಯಲ್ಲಿ ಸುದ್ದಿಗೋಷ್ಠಿ ನಡೆಸಿ ಮಾತನಾಡಿದ ಬಿಜೆಪಿ ಪ್ರಧಾನ ಕಾರ್ಯದರ್ಶಿ ಮಾಜಿ ಶಾಸಕ ಪಿ.ರಾಜೀವ್ ಅವರು, 15ನೇ ಹಣಕಾಸು ಆಯೋಗದ ಶಿಫಾರಸಿನಂತೆ ರಾಜ್ಯದ ಕೆಲವು ಪಂಚಾಯ್ತಿಗಳಿಗೆ ಕೇಂದ್ರ ಸರ್ಕಾರ ಅನುದಾನ ಬಿಡುಗಡೆ ಮಾಡಿದೆ. ಈ ಅನುದಾನವನ್ನು ಹಣಕಾಸು ಸಂಸ್ಥೆಗಳ ಮೂಲಕ ದುರುಪಯೋಗಪಡಿಸಿಕೊಳ್ಳಲಾಗಿದೆ. ಗ್ರಾಮ ಪಂಚಾಯ್ತಿ ಮಟ್ಟದಲ್ಲಿ ಅಧಿಕಾರಿಗಳು ಮತ್ತು ಜನಪ್ರತಿನಿಧಿಗಳು ಶಾಮೀಲಾಗಿ ಹಣ ದುರ್ಬಳಕೆ ಮಾಡಿದ್ದಾರೆ. ಈ ಬಗ್ಗೆ ಸಮಗ್ರ ತನಿಖೆ ನಡೆಸಬೇಕು ಎಂದು ಆಗ್ರಹಿಸಿದರು. ಕೇಂದ್ರ ಸರ್ಕಾರ ಗ್ರಾಮ ಪಂಚಾಯ್ತಿಗಳಿಗೆ ನೇರವಾಗಿ ಅನುದಾನ ಬಿಡುಗಡೆ ಮಾಡುತ್ತದೆ. ಆದರೆ ರಾಜ್ಯ ಸರ್ಕಾರ ಈ ಹಣವನ್ನು ಬೇರೆ ಯೋಜನೆಗಳಿಗೆ ಬಳಸಿಕೊಳ್ಳುತ್ತಿದೆ. ಇದರಿಂದ ಗ್ರಾಮೀಣ ಭಾಗದ ಮೂಲಸೌಕರ್ಯ ಅಭಿವೃದ್ಧಿಗೆ ತೊಡಕಾಗಿದೆ. ಹೊರಗಿನ ಏಜೆನ್ಸಿಗಳ ಮೂಲಕ ಪಂಚಾಯ್ತಿಗಳ ಹಣ ವರ್ಗಾವಣೆ ಮಾಡಲಾಗಿದೆ ಎಂದರು. ಈ ಕುರಿತು ರಾಜ್ಯಪಾಲರಿಗೆ ದೂರು ನೀಡಲಾಗುವುದು ಎಂದು ತಿಳಿಸಿದರು.
ರಾಜ್ಯದಲ್ಲಿ 5,950 ಗ್ರಾಮ ಪಂಚಾಯ್ತಿಗಳಿದ್ದು, ಪ್ರತಿ ಪಂಚಾಯ್ತಿಗೆ ಕೇಂದ್ರದಿಂದ ಲಕ್ಷಾಂತರ ರೂಪಾಯಿ ಅನುದಾನ ಬರುತ್ತದೆ. ಆ ಹಣವನ್ನು ಕುಡಿಯುವ ನೀರು, ನೈರ್ಮಲ್ಯ ಮತ್ತು ರಸ್ತೆ ನಿರ್ಮಾಣಕ್ಕೆ ಬಳಸಬೇಕು. ಆದರೆ ಈ ಹಣವನ್ನು ಅನ್ಯ ಉದ್ದೇಶಗಳಿಗೆ ಬಳಸಲಾಗುತ್ತಿದೆ. ಕಾಮಗಾರಿಗಳನ್ನು ಮಾಡದೆ ಬಿಲ್ ಪಾವತಿ ಮಾಡಲಾಗಿದೆ. ಅನೇಕ ಪಂಚಾಯ್ತಿಗಳಲ್ಲಿ ಲೆಕ್ಕಪತ್ರಗಳೇ ಸರಿಯಾಗಿ ಇಲ್ಲ ಎಂದು ದೂರಿದರು. ತಾಲೂಕು ಪಂಚಾಯ್ತಿ ಮತ್ತು ಜಿಲ್ಲಾ ಪಂಚಾಯ್ತಿ ಅಧಿಕಾರಿಗಳ ಶಾಮೀಲಾತಿಯಿಂದ ಈ ಅಕ್ರಮ ನಡೆದಿದೆ. ಕೂಡಲೇ ತನಿಖೆಗೆ ಆದೇಶಿಸಬೇಕು ಎಂದರು. ಈ ಸಂದರ್ಭದಲ್ಲಿ ಬಿಜೆಪಿ ಮುಖಂಡರು ಉಪಸ್ಥಿತರಿದ್ದರು. ಪಂಚಾಯ್ತಿ ಮಟ್ಟದ ಅಕ್ರಮಗಳ ಬಗ್ಗೆ ದಾಖಲೆ ಸಹಿತ ದೂರು ನೀಡಲು ನಿರ್ಧರಿಸಲಾಗಿದೆ. ಈ ಕುರಿತು ಕೇಂದ್ರ ಪಂಚಾಯತ್ ರಾಜ್ ಸಚಿವಾಲಯಕ್ಕೂ ಪತ್ರ ಬರೆಯಲಾಗುವುದು. ಸಮಗ್ರ ತನಿಖೆಯ ಮೂಲಕ ತಪ್ಪಿತಸ್ಥರ ವಿರುದ್ಧ ಕಠಿಣ ಕ್ರಮ ಕೈಗೊಳ್ಳಬೇಕು. ರಾಜ್ಯ ಸರ್ಕಾರ ಪಂಚಾಯ್ತಿಗಳ ಸ್ವಾಯತ್ತತೆಗೆ ಧಕ್ಕೆ ತರುತ್ತಿದೆ ಎಂದು ಹೇಳಿದರು. ಹಳ್ಳಿಗಳ ಅಭಿವೃದ್ಧಿಗೆ ಬಂದ ಹಣ ಬೇರೆಡೆ ವರ್ಗಾವಣೆ ಆಗಿರುವುದು ಖಂಡನೀಯ ಎಂದರು.
